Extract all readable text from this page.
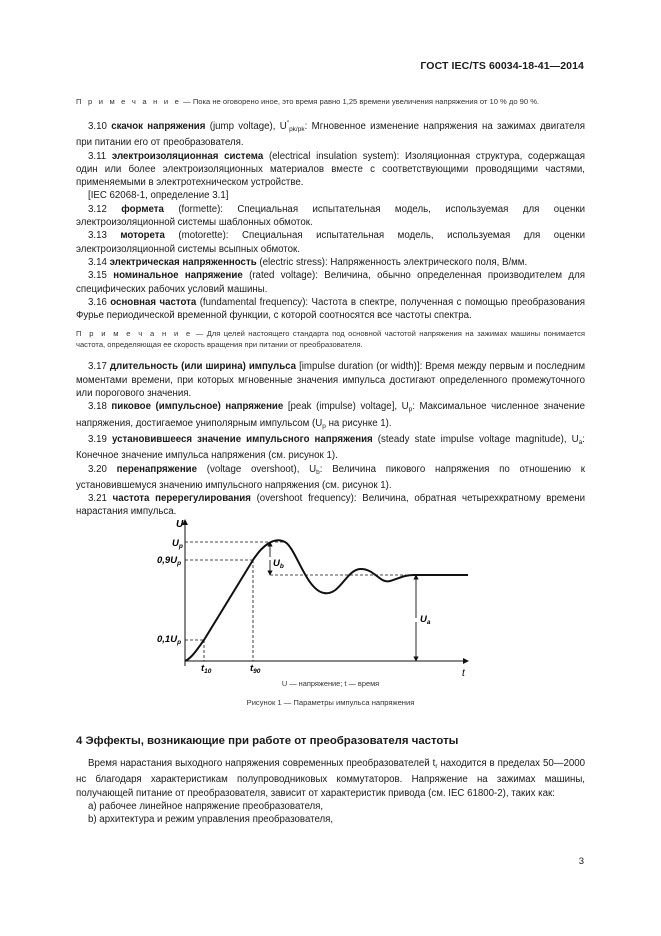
ГОСТ IEC/TS 60034-18-41—2014

П р и м е ч а н и е — Пока не оговорено иное, это время равно 1,25 времени увеличения напряжения от 10 % до 90 %.

3.10 скачок напряжения (jump voltage), $U''_{pk/pk}$: Мгновенное изменение напряжения на зажимах двигателя при питании его от преобразователя.

3.11 электроизоляционная система (electrical insulation system): Изоляционная структура, содержащая один или более электроизоляционных материалов вместе с соответствующими проводящими частями, применяемыми в электротехническом устройстве.

[IEC 62068-1, определение 3.1]

3.12 формета (formette): Специальная испытательная модель, используемая для оценки электроизоляционной системы шаблонных обмоток.

3.13 моторета (motorette): Специальная испытательная модель, используемая для оценки электроизоляционной системы всыпных обмоток.

3.14 электрическая напряженность (electric stress): Напряженность электрического поля, В/мм.

3.15 номинальное напряжение (rated voltage): Величина, обычно определенная производителем для специфических рабочих условий машины.

3.16 основная частота (fundamental frequency): Частота в спектре, полученная с помощью преобразования Фурье периодической временной функции, с которой соотносятся все частоты спектра.

П р и м е ч а н и е — Для целей настоящего стандарта под основной частотой напряжения на зажимах машины понимается частота, определяющая ее скорость вращения при питании от преобразователя.

3.17 длительность (или ширина) импульса [impulse duration (or width)]: Время между первым и последним моментами времени, при которых мгновенные значения импульса достигают определенного промежуточного или порогового значения.

3.18 пиковое (импульсное) напряжение [peak (impulse) voltage], $U_p$: Максимальное численное значение напряжения, достигаемое униполярным импульсом ($U_p$ на рисунке 1).

3.19 установившееся значение импульсного напряжения (steady state impulse voltage magnitude), $U_a$: Конечное значение импульса напряжения (см. рисунок 1).

3.20 перенапряжение (voltage overshoot), $U_b$: Величина пикового напряжения по отношению к установившемуся значению импульсного напряжения (см. рисунок 1).

3.21 частота перерегулирования (overshoot frequency): Величина, обратная четырехкратному времени нарастания импульса.

U
t
$U_p$
$0,9U_p$
$0,1U_p$
$U_b$
$U_a$
$t_{10}$	$t_{90}$
U — напряжение; t — время
Рисунок 1 — Параметры импульса напряжения
4 Эффекты, возникающие при работе от преобразователя частоты

Время нарастания выходного напряжения современных преобразователей $t_r$ находится в пределах 50—2000 нс благодаря характеристикам полупроводниковых коммутаторов. Напряжение на зажимах машины, получающей питание от преобразователя, зависит от характеристик привода (см. IEC 61800-2), таких как:

a) рабочее линейное напряжение преобразователя,

b) архитектура и режим управления преобразователя,

3
